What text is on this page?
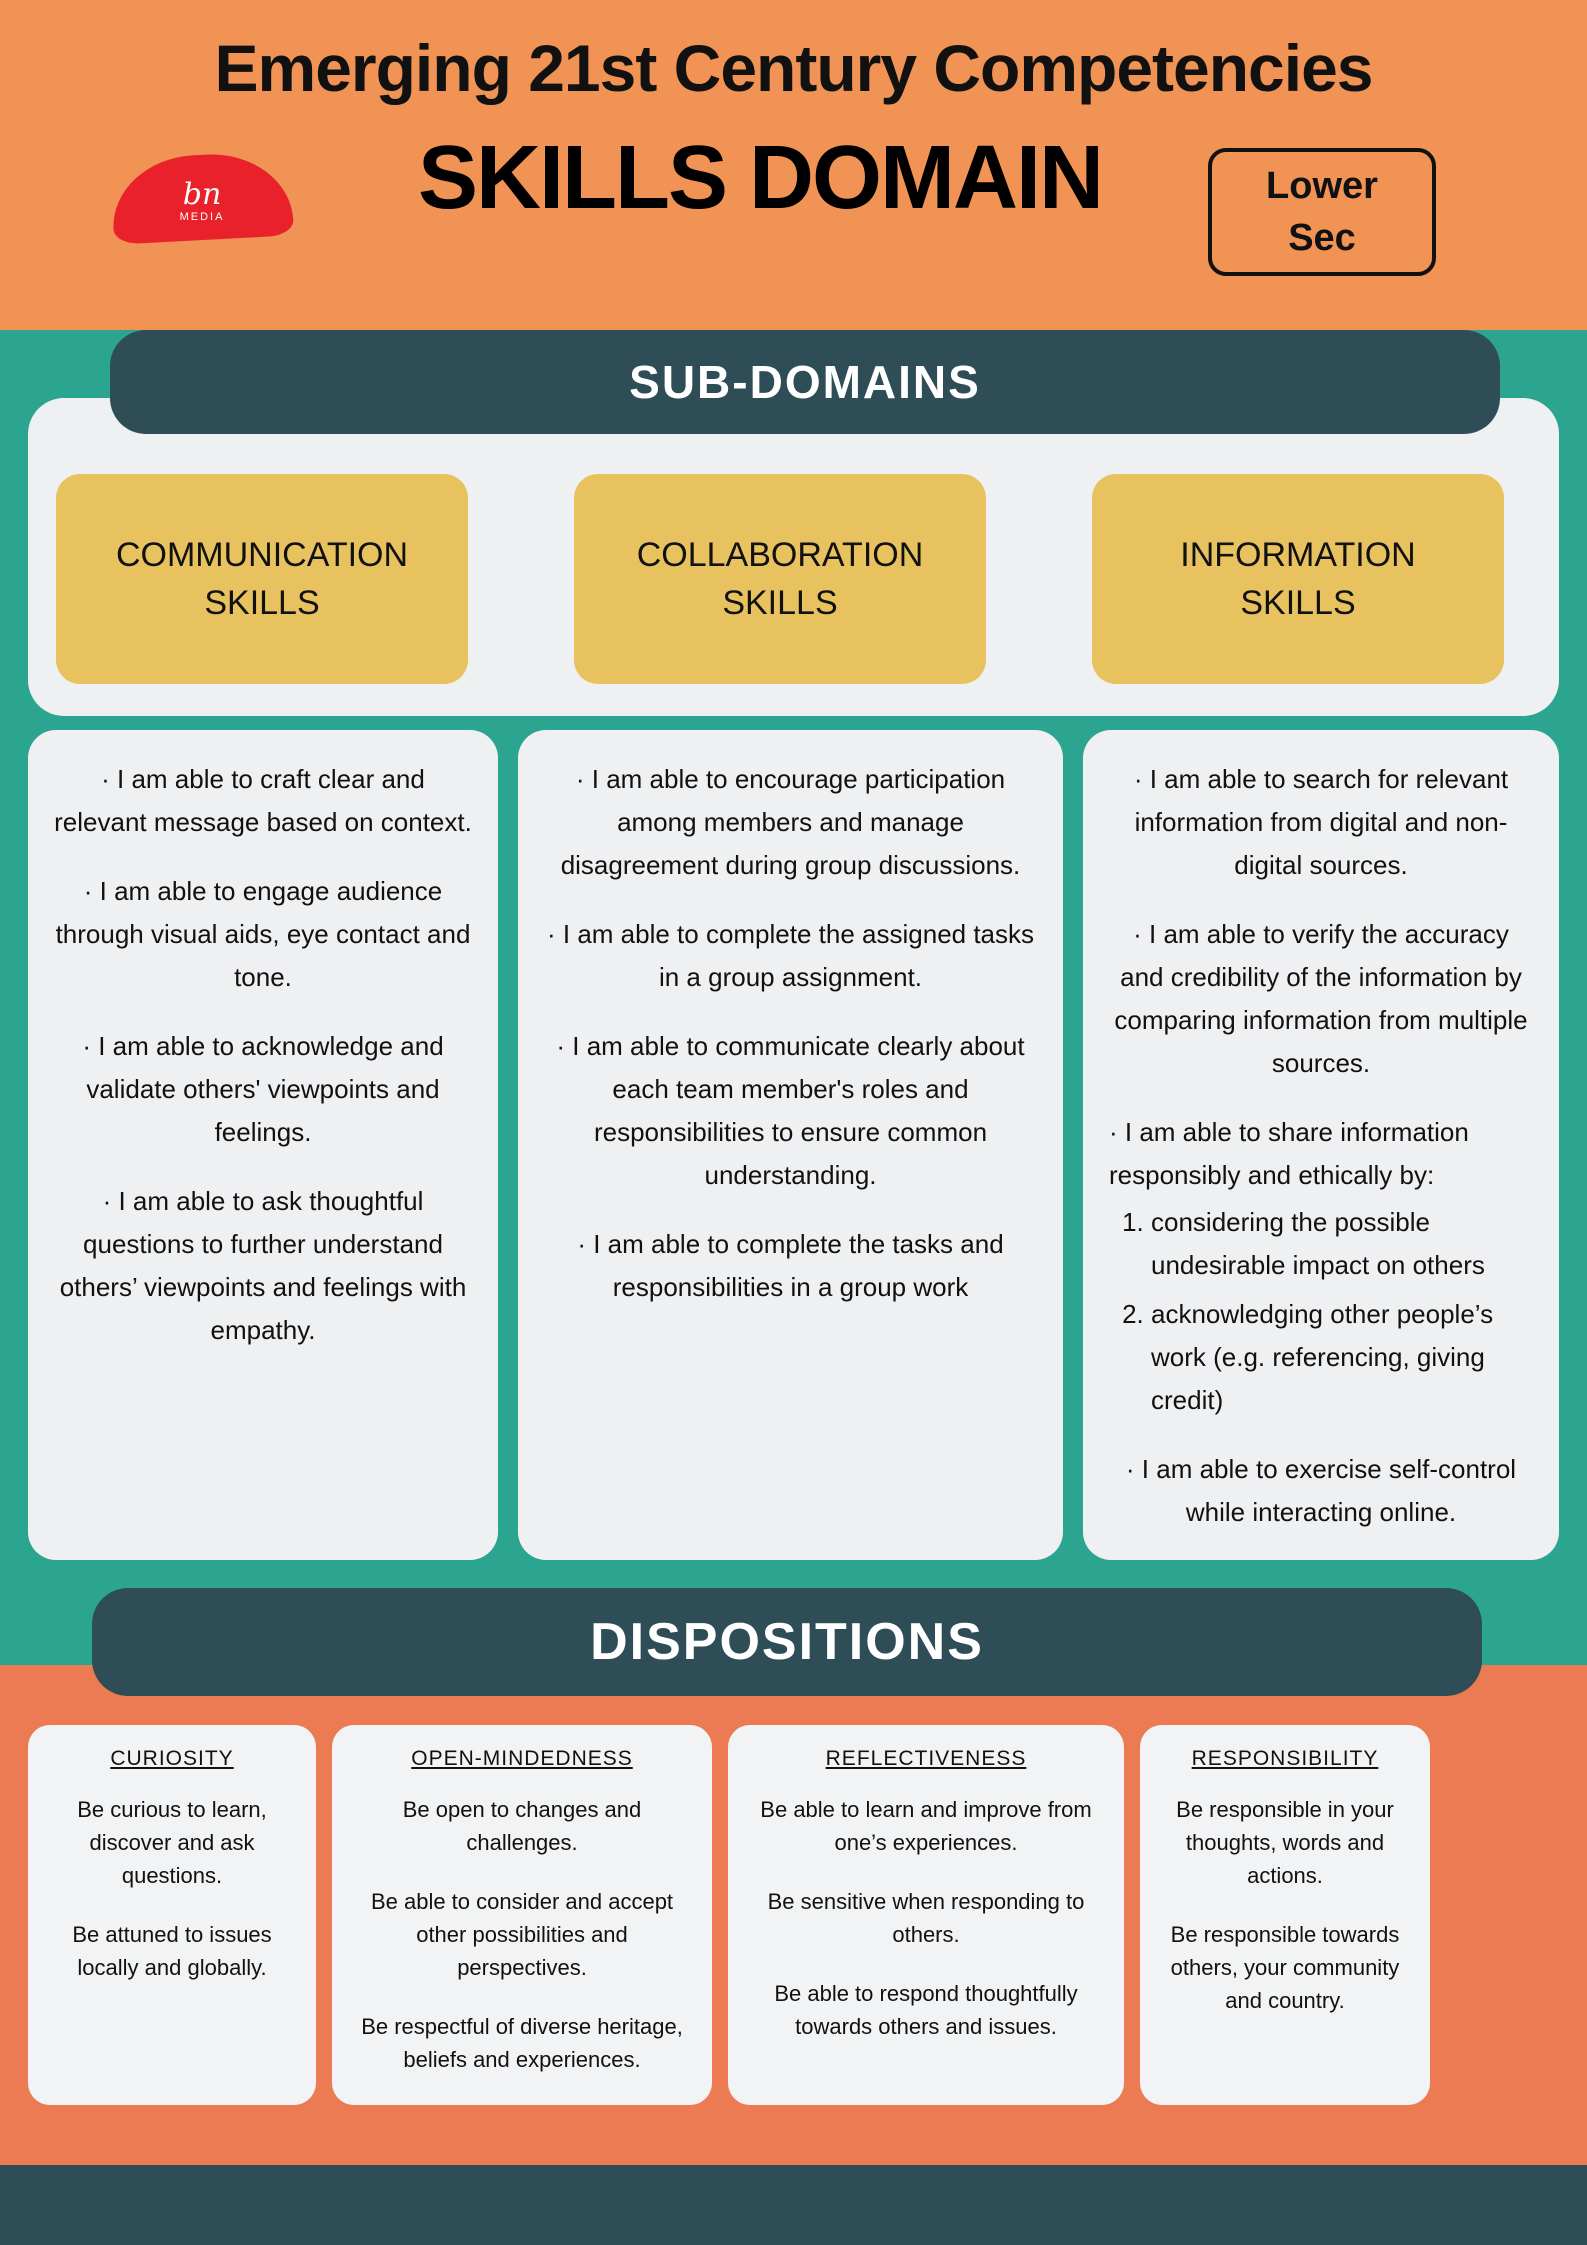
Emerging 21st Century Competencies
SKILLS DOMAIN
bn
MEDIA
Lower
Sec
SUB-DOMAINS
COMMUNICATION
SKILLS
COLLABORATION
SKILLS
INFORMATION
SKILLS

· I am able to craft clear and relevant message based on context.

· I am able to engage audience through visual aids, eye contact and tone.

· I am able to acknowledge and validate others' viewpoints and feelings.

· I am able to ask thoughtful questions to further understand others’ viewpoints and feelings with empathy.

· I am able to encourage participation among members and manage disagreement during group discussions.

· I am able to complete the assigned tasks in a group assignment.

· I am able to communicate clearly about each team member's roles and responsibilities to ensure common understanding.

· I am able to complete the tasks and responsibilities in a group work

· I am able to search for relevant information from digital and non-digital sources.

· I am able to verify the accuracy and credibility of the information by comparing information from multiple sources.

· I am able to share information responsibly and ethically by:

1. considering the possible undesirable impact on others
2. acknowledging other people’s work (e.g. referencing, giving credit)

· I am able to exercise self-control while interacting online.

DISPOSITIONS
CURIOSITY

Be curious to learn, discover and ask questions.

Be attuned to issues locally and globally.

OPEN-MINDEDNESS

Be open to changes and challenges.

Be able to consider and accept other possibilities and perspectives.

Be respectful of diverse heritage, beliefs and experiences.

REFLECTIVENESS

Be able to learn and improve from one’s experiences.

Be sensitive when responding to others.

Be able to respond thoughtfully towards others and issues.

RESPONSIBILITY

Be responsible in your thoughts, words and actions.

Be responsible towards others, your community and country.
